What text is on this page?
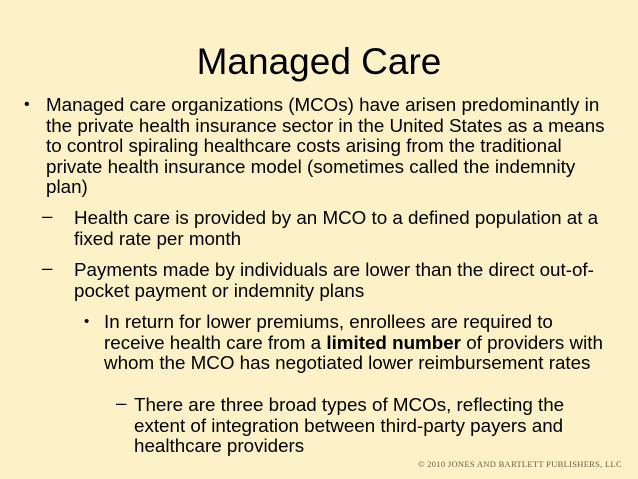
Managed Care
• Managed care organizations (MCOs) have arisen predominantly in the private health insurance sector in the United States as a means to control spiraling healthcare costs arising from the traditional private health insurance model (sometimes called the indemnity plan)
– Health care is provided by an MCO to a defined population at a fixed rate per month
– Payments made by individuals are lower than the direct out-of-pocket payment or indemnity plans
• In return for lower premiums, enrollees are required to receive health care from a limited number of providers with whom the MCO has negotiated lower reimbursement rates
– There are three broad types of MCOs, reflecting the extent of integration between third-party payers and healthcare providers
© 2010 JONES AND BARTLETT PUBLISHERS, LLC
